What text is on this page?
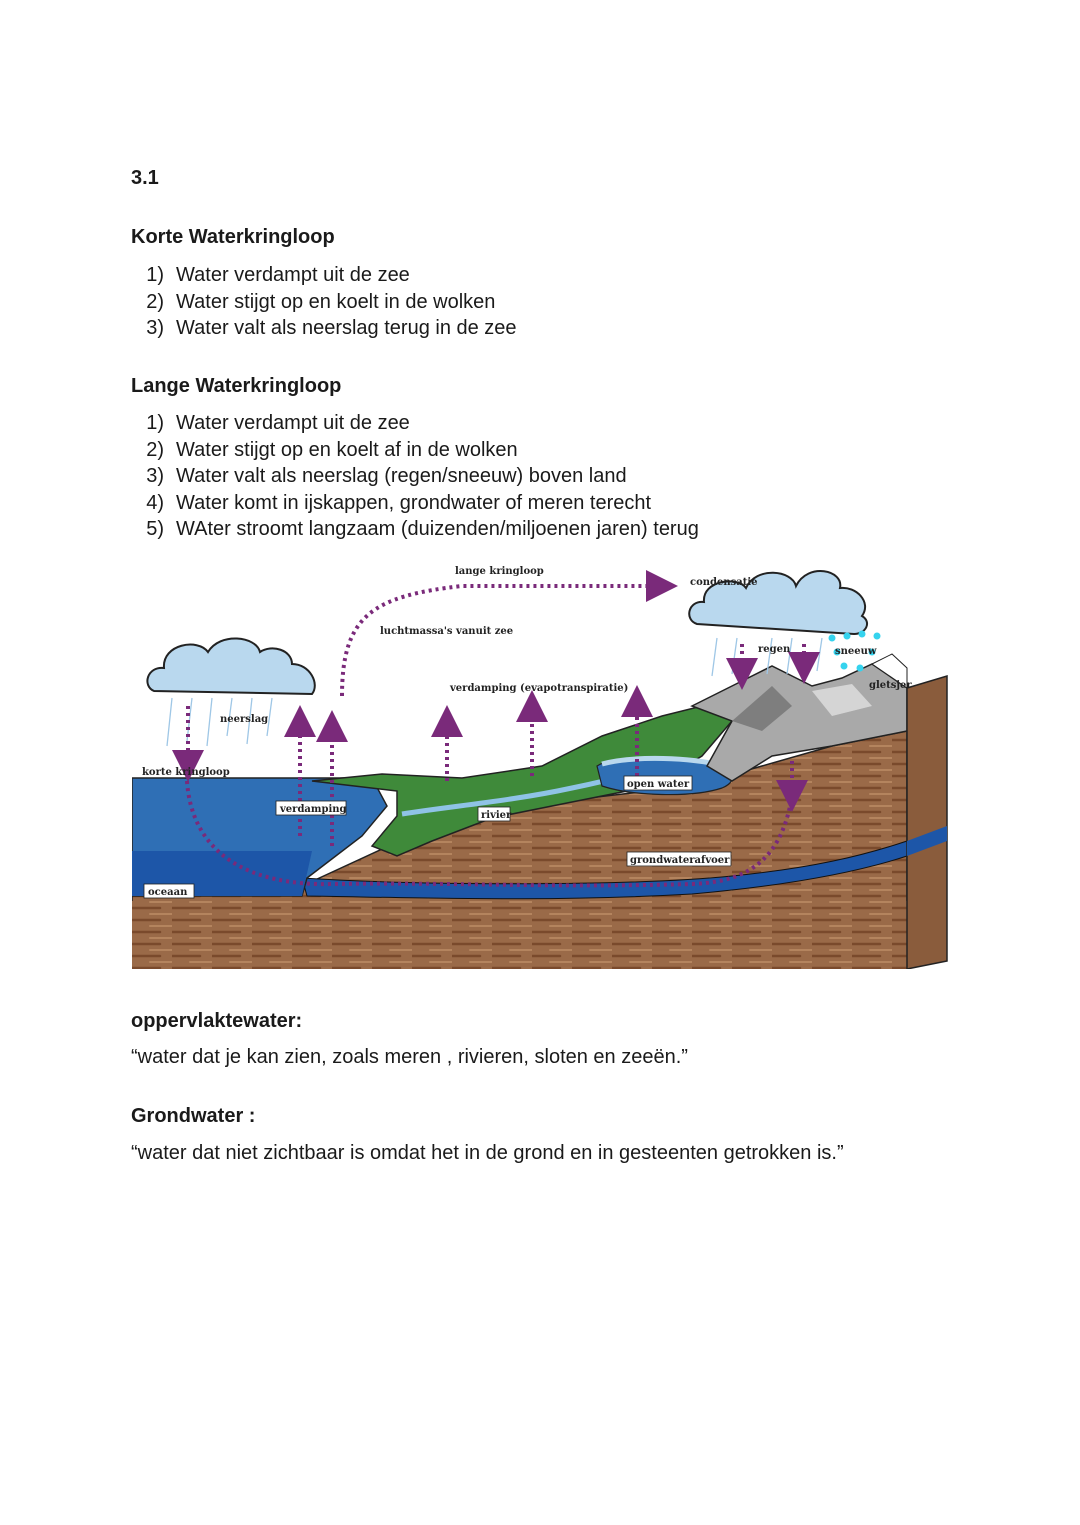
3.1
Korte Waterkringloop
1) Water verdampt uit de zee
2) Water stijgt op en koelt in de wolken
3) Water valt als neerslag terug in de zee
Lange Waterkringloop
1) Water verdampt uit de zee
2) Water stijgt op en koelt af in de wolken
3) Water valt als neerslag (regen/sneeuw) boven land
4) Water komt in ijskappen, grondwater of meren terecht
5) WAter stroomt langzaam (duizenden/miljoenen jaren) terug
lange kringloop
condensatie
luchtmassa's vanuit zee
regen	sneeuw
gletsjer
verdamping (evapotranspiratie)
neerslag
korte kringloop
verdamping
open water
rivier
grondwaterafvoer
oceaan
oppervlaktewater:
“water dat je kan zien, zoals meren , rivieren, sloten en zeeën.”
Grondwater :
“water dat niet zichtbaar is omdat het in de grond en in gesteenten getrokken is.”
